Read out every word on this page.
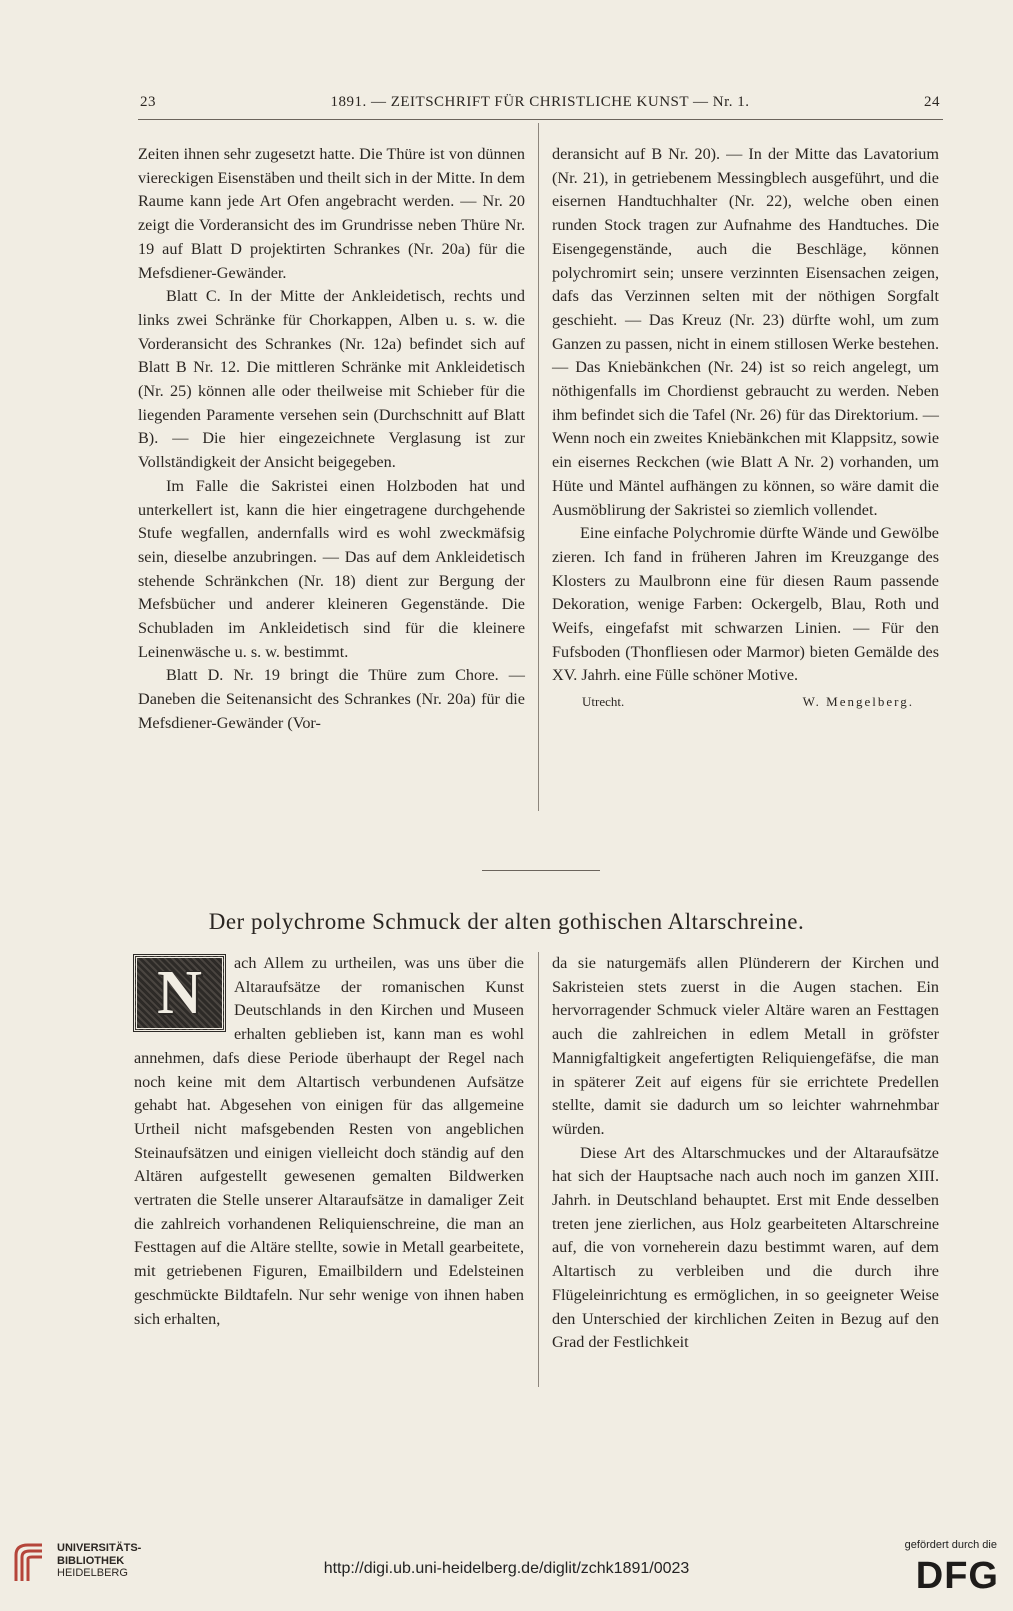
23	1891. — ZEITSCHRIFT FÜR CHRISTLICHE KUNST — Nr. 1.	24

Zeiten ihnen sehr zugesetzt hatte. Die Thüre ist von dünnen viereckigen Eisenstäben und theilt sich in der Mitte. In dem Raume kann jede Art Ofen angebracht werden. — Nr. 20 zeigt die Vorderansicht des im Grundrisse neben Thüre Nr. 19 auf Blatt D projektirten Schrankes (Nr. 20a) für die Mefsdiener-Gewänder.

Blatt C. In der Mitte der Ankleidetisch, rechts und links zwei Schränke für Chorkappen, Alben u. s. w. die Vorderansicht des Schrankes (Nr. 12a) befindet sich auf Blatt B Nr. 12. Die mittleren Schränke mit Ankleidetisch (Nr. 25) können alle oder theilweise mit Schieber für die liegenden Paramente versehen sein (Durchschnitt auf Blatt B). — Die hier eingezeichnete Verglasung ist zur Vollständigkeit der Ansicht beigegeben.

Im Falle die Sakristei einen Holzboden hat und unterkellert ist, kann die hier eingetragene durchgehende Stufe wegfallen, andernfalls wird es wohl zweckmäfsig sein, dieselbe anzubringen. — Das auf dem Ankleidetisch stehende Schränkchen (Nr. 18) dient zur Bergung der Mefsbücher und anderer kleineren Gegenstände. Die Schubladen im Ankleidetisch sind für die kleinere Leinenwäsche u. s. w. bestimmt.

Blatt D. Nr. 19 bringt die Thüre zum Chore. — Daneben die Seitenansicht des Schrankes (Nr. 20a) für die Mefsdiener-Gewänder (Vor-

deransicht auf B Nr. 20). — In der Mitte das Lavatorium (Nr. 21), in getriebenem Messingblech ausgeführt, und die eisernen Handtuchhalter (Nr. 22), welche oben einen runden Stock tragen zur Aufnahme des Handtuches. Die Eisengegenstände, auch die Beschläge, können polychromirt sein; unsere verzinnten Eisensachen zeigen, dafs das Verzinnen selten mit der nöthigen Sorgfalt geschieht. — Das Kreuz (Nr. 23) dürfte wohl, um zum Ganzen zu passen, nicht in einem stillosen Werke bestehen. — Das Kniebänkchen (Nr. 24) ist so reich angelegt, um nöthigenfalls im Chordienst gebraucht zu werden. Neben ihm befindet sich die Tafel (Nr. 26) für das Direktorium. — Wenn noch ein zweites Kniebänkchen mit Klappsitz, sowie ein eisernes Reckchen (wie Blatt A Nr. 2) vorhanden, um Hüte und Mäntel aufhängen zu können, so wäre damit die Ausmöblirung der Sakristei so ziemlich vollendet.

Eine einfache Polychromie dürfte Wände und Gewölbe zieren. Ich fand in früheren Jahren im Kreuzgange des Klosters zu Maulbronn eine für diesen Raum passende Dekoration, wenige Farben: Ockergelb, Blau, Roth und Weifs, eingefafst mit schwarzen Linien. — Für den Fufsboden (Thonfliesen oder Marmor) bieten Gemälde des XV. Jahrh. eine Fülle schöner Motive.

Utrecht.	W. Mengelberg.
Der polychrome Schmuck der alten gothischen Altarschreine.
N	ach Allem zu urtheilen, was uns über die Altaraufsätze der romanischen Kunst Deutschlands in den Kirchen und Museen erhalten geblieben ist, kann man es wohl annehmen, dafs diese Periode überhaupt der Regel nach noch keine mit dem Altartisch verbundenen Aufsätze gehabt hat. Abgesehen von einigen für das allgemeine Urtheil nicht mafsgebenden Resten von angeblichen Steinaufsätzen und einigen vielleicht doch ständig auf den Altären aufgestellt gewesenen gemalten Bildwerken vertraten die Stelle unserer Altaraufsätze in damaliger Zeit die zahlreich vorhandenen Reliquienschreine, die man an Festtagen auf die Altäre stellte, sowie in Metall gearbeitete, mit getriebenen Figuren, Emailbildern und Edelsteinen geschmückte Bildtafeln. Nur sehr wenige von ihnen haben sich erhalten,

da sie naturgemäfs allen Plünderern der Kirchen und Sakristeien stets zuerst in die Augen stachen. Ein hervorragender Schmuck vieler Altäre waren an Festtagen auch die zahlreichen in edlem Metall in gröfster Mannigfaltigkeit angefertigten Reliquiengefäfse, die man in späterer Zeit auf eigens für sie errichtete Predellen stellte, damit sie dadurch um so leichter wahrnehmbar würden.

Diese Art des Altarschmuckes und der Altaraufsätze hat sich der Hauptsache nach auch noch im ganzen XIII. Jahrh. in Deutschland behauptet. Erst mit Ende desselben treten jene zierlichen, aus Holz gearbeiteten Altarschreine auf, die von vorneherein dazu bestimmt waren, auf dem Altartisch zu verbleiben und die durch ihre Flügeleinrichtung es ermöglichen, in so geeigneter Weise den Unterschied der kirchlichen Zeiten in Bezug auf den Grad der Festlichkeit

UNIVERSITÄTS-
BIBLIOTHEK
HEIDELBERG	http://digi.ub.uni-heidelberg.de/diglit/zchk1891/0023
gefördert durch die
DFG
